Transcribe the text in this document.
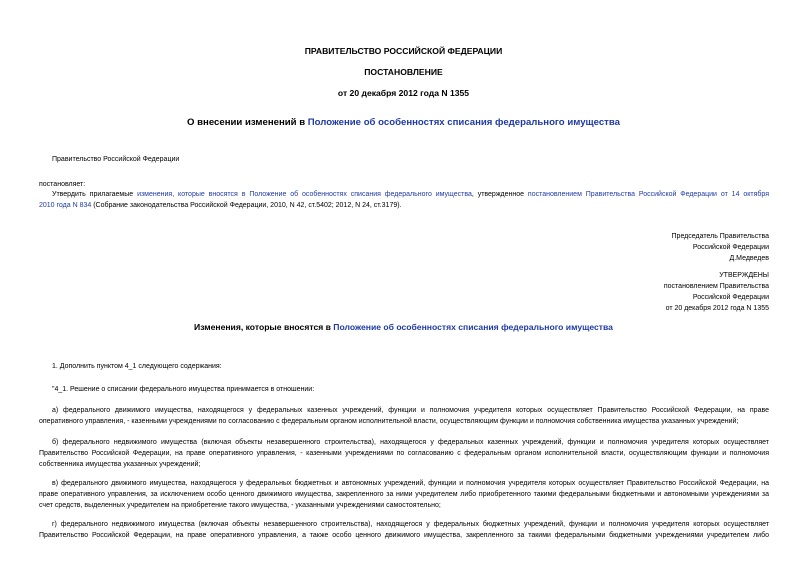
ПРАВИТЕЛЬСТВО РОССИЙСКОЙ ФЕДЕРАЦИИ
ПОСТАНОВЛЕНИЕ
от 20 декабря 2012 года N 1355
О внесении изменений в Положение об особенностях списания федерального имущества
Правительство Российской Федерации
постановляет:
Утвердить прилагаемые изменения, которые вносятся в Положение об особенностях списания федерального имущества, утвержденное постановлением Правительства Российской Федерации от 14 октября
2010 года N 834 (Собрание законодательства Российской Федерации, 2010, N 42, ст.5402; 2012, N 24, ст.3179).
Председатель Правительства
Российской Федерации
Д.Медведев
УТВЕРЖДЕНЫ
постановлением Правительства
Российской Федерации
от 20 декабря 2012 года N 1355
Изменения, которые вносятся в Положение об особенностях списания федерального имущества
1. Дополнить пунктом 4_1 следующего содержания:
"4_1. Решение о списании федерального имущества принимается в отношении:
а) федерального движимого имущества, находящегося у федеральных казенных учреждений, функции и полномочия учредителя которых осуществляет Правительство Российской Федерации, на праве
оперативного управления, - казенными учреждениями по согласованию с федеральным органом исполнительной власти, осуществляющим функции и полномочия собственника имущества указанных учреждений;
б) федерального недвижимого имущества (включая объекты незавершенного строительства), находящегося у федеральных казенных учреждений, функции и полномочия учредителя которых осуществляет
Правительство Российской Федерации, на праве оперативного управления, - казенными учреждениями по согласованию с федеральным органом исполнительной власти, осуществляющим функции и полномочия
собственника имущества указанных учреждений;
в) федерального движимого имущества, находящегося у федеральных бюджетных и автономных учреждений, функции и полномочия учредителя которых осуществляет Правительство Российской Федерации, на
праве оперативного управления, за исключением особо ценного движимого имущества, закрепленного за ними учредителем либо приобретенного такими федеральными бюджетными и автономными учреждениями за
счет средств, выделенных учредителем на приобретение такого имущества, - указанными учреждениями самостоятельно;
г) федерального недвижимого имущества (включая объекты незавершенного строительства), находящегося у федеральных бюджетных учреждений, функции и полномочия учредителя которых осуществляет
Правительство Российской Федерации, на праве оперативного управления, а также особо ценного движимого имущества, закрепленного за такими федеральными бюджетными учреждениями учредителем либо
